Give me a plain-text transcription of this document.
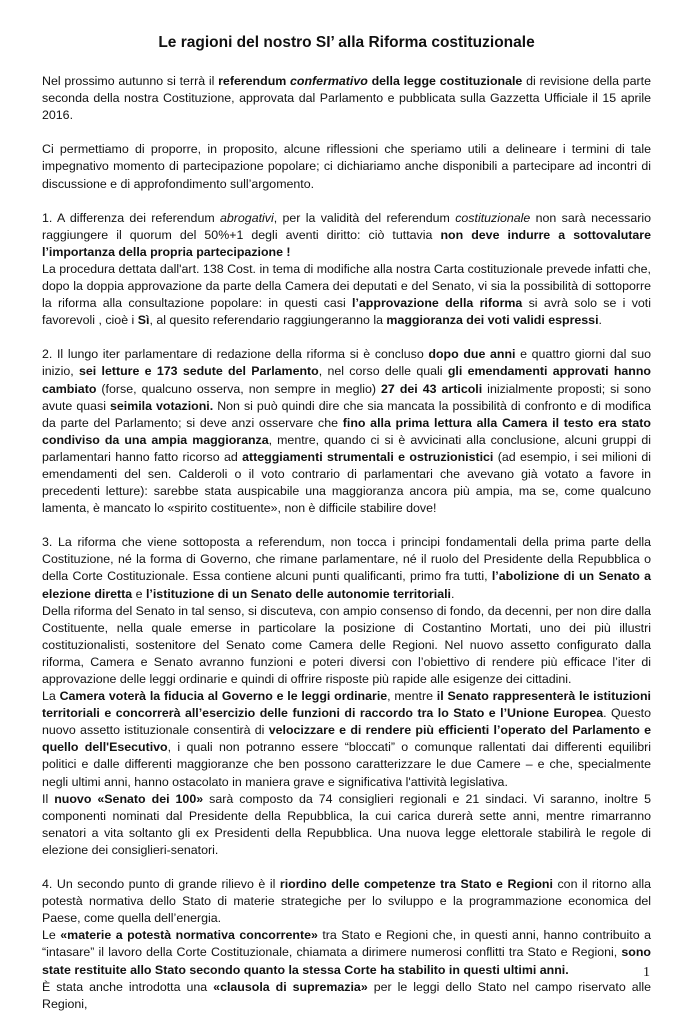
Le ragioni del nostro SI’ alla Riforma costituzionale

Nel prossimo autunno si terrà il referendum confermativo della legge costituzionale di revisione della parte seconda della nostra Costituzione, approvata dal Parlamento e pubblicata sulla Gazzetta Ufficiale il 15 aprile 2016.

Ci permettiamo di proporre, in proposito, alcune riflessioni che speriamo utili a delineare i termini di tale impegnativo momento di partecipazione popolare; ci dichiariamo anche disponibili a partecipare ad incontri di discussione e di approfondimento sull’argomento.

1. A differenza dei referendum abrogativi, per la validità del referendum costituzionale non sarà necessario raggiungere il quorum del 50%+1 degli aventi diritto: ciò tuttavia non deve indurre a sottovalutare l’importanza della propria partecipazione !

La procedura dettata dall'art. 138 Cost. in tema di modifiche alla nostra Carta costituzionale prevede infatti che, dopo la doppia approvazione da parte della Camera dei deputati e del Senato, vi sia la possibilità di sottoporre la riforma alla consultazione popolare: in questi casi l’approvazione della riforma si avrà solo se i voti favorevoli , cioè i Sì, al quesito referendario raggiungeranno la maggioranza dei voti validi espressi.

2. Il lungo iter parlamentare di redazione della riforma si è concluso dopo due anni e quattro giorni dal suo inizio, sei letture e 173 sedute del Parlamento, nel corso delle quali gli emendamenti approvati hanno cambiato (forse, qualcuno osserva, non sempre in meglio) 27 dei 43 articoli inizialmente proposti; si sono avute quasi seimila votazioni. Non si può quindi dire che sia mancata la possibilità di confronto e di modifica da parte del Parlamento; si deve anzi osservare che fino alla prima lettura alla Camera il testo era stato condiviso da una ampia maggioranza, mentre, quando ci si è avvicinati alla conclusione, alcuni gruppi di parlamentari hanno fatto ricorso ad atteggiamenti strumentali e ostruzionistici (ad esempio, i sei milioni di emendamenti del sen. Calderoli o il voto contrario di parlamentari che avevano già votato a favore in precedenti letture): sarebbe stata auspicabile una maggioranza ancora più ampia, ma se, come qualcuno lamenta, è mancato lo «spirito costituente», non è difficile stabilire dove!

3. La riforma che viene sottoposta a referendum, non tocca i principi fondamentali della prima parte della Costituzione, né la forma di Governo, che rimane parlamentare, né il ruolo del Presidente della Repubblica o della Corte Costituzionale. Essa contiene alcuni punti qualificanti, primo fra tutti, l’abolizione di un Senato a elezione diretta e l’istituzione di un Senato delle autonomie territoriali.

Della riforma del Senato in tal senso, si discuteva, con ampio consenso di fondo, da decenni, per non dire dalla Costituente, nella quale emerse in particolare la posizione di Costantino Mortati, uno dei più illustri costituzionalisti, sostenitore del Senato come Camera delle Regioni. Nel nuovo assetto configurato dalla riforma, Camera e Senato avranno funzioni e poteri diversi con l’obiettivo di rendere più efficace l’iter di approvazione delle leggi ordinarie e quindi di offrire risposte più rapide alle esigenze dei cittadini.

La Camera voterà la fiducia al Governo e le leggi ordinarie, mentre il Senato rappresenterà le istituzioni territoriali e concorrerà all’esercizio delle funzioni di raccordo tra lo Stato e l’Unione Europea. Questo nuovo assetto istituzionale consentirà di velocizzare e di rendere più efficienti l’operato del Parlamento e quello dell'Esecutivo, i quali non potranno essere “bloccati” o comunque rallentati dai differenti equilibri politici e dalle differenti maggioranze che ben possono caratterizzare le due Camere – e che, specialmente negli ultimi anni, hanno ostacolato in maniera grave e significativa l'attività legislativa.

Il nuovo «Senato dei 100» sarà composto da 74 consiglieri regionali e 21 sindaci. Vi saranno, inoltre 5 componenti nominati dal Presidente della Repubblica, la cui carica durerà sette anni, mentre rimarranno senatori a vita soltanto gli ex Presidenti della Repubblica. Una nuova legge elettorale stabilirà le regole di elezione dei consiglieri-senatori.

4. Un secondo punto di grande rilievo è il riordino delle competenze tra Stato e Regioni con il ritorno alla potestà normativa dello Stato di materie strategiche per lo sviluppo e la programmazione economica del Paese, come quella dell’energia.

Le «materie a potestà normativa concorrente» tra Stato e Regioni che, in questi anni, hanno contribuito a “intasare” il lavoro della Corte Costituzionale, chiamata a dirimere numerosi conflitti tra Stato e Regioni, sono state restituite allo Stato secondo quanto la stessa Corte ha stabilito in questi ultimi anni.

È stata anche introdotta una «clausola di supremazia» per le leggi dello Stato nel campo riservato alle Regioni,

1
